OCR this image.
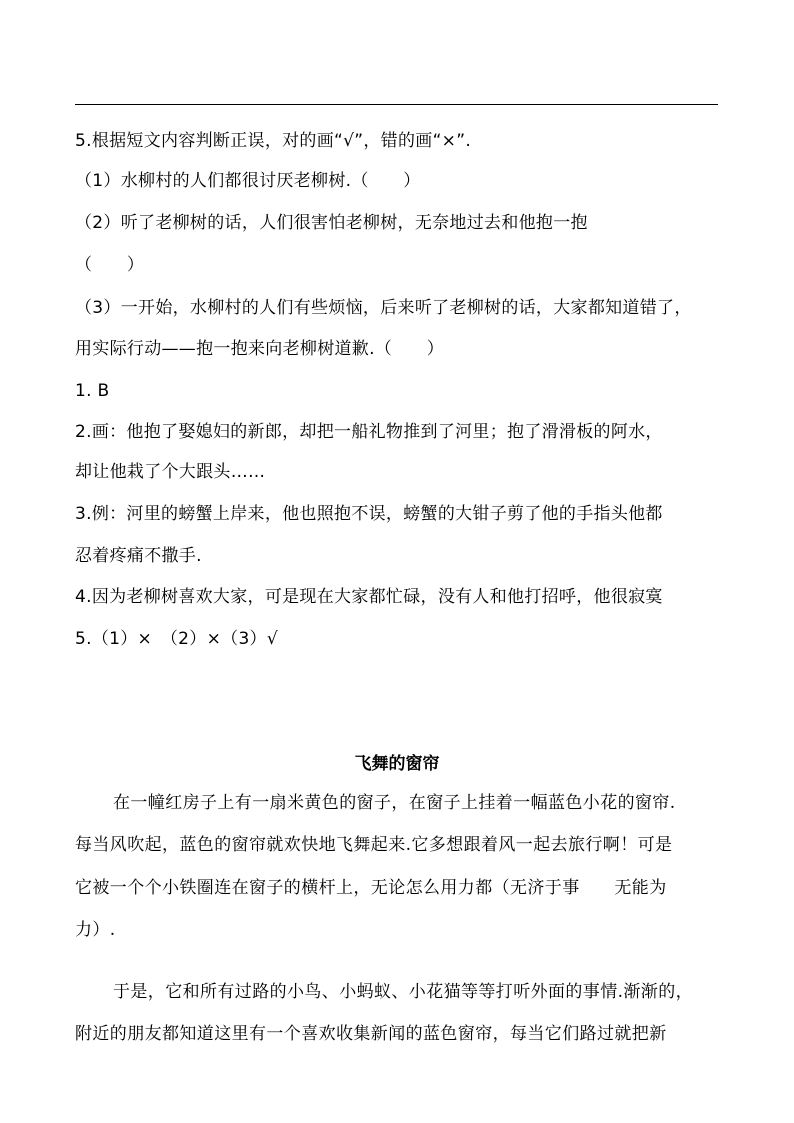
5.根据短文内容判断正误，对的画“√”，错的画“×”.
（1）水柳村的人们都很讨厌老柳树.（　　）
（2）听了老柳树的话，人们很害怕老柳树，无奈地过去和他抱一抱
（　　）
（3）一开始，水柳村的人们有些烦恼，后来听了老柳树的话，大家都知道错了，
用实际行动——抱一抱来向老柳树道歉.（　　）
1. B
2.画：他抱了娶媳妇的新郎，却把一船礼物推到了河里；抱了滑滑板的阿水，
却让他栽了个大跟头……
3.例：河里的螃蟹上岸来，他也照抱不误，螃蟹的大钳子剪了他的手指头他都
忍着疼痛不撒手.
4.因为老柳树喜欢大家，可是现在大家都忙碌，没有人和他打招呼，他很寂寞
5.（1）×　（2）×（3）√
飞舞的窗帘
在一幢红房子上有一扇米黄色的窗子，在窗子上挂着一幅蓝色小花的窗帘.
每当风吹起，蓝色的窗帘就欢快地飞舞起来.它多想跟着风一起去旅行啊！可是
它被一个个小铁圈连在窗子的横杆上，无论怎么用力都（无济于事　　无能为
力）.
于是，它和所有过路的小鸟、小蚂蚁、小花猫等等打听外面的事情.渐渐的，
附近的朋友都知道这里有一个喜欢收集新闻的蓝色窗帘，每当它们路过就把新
